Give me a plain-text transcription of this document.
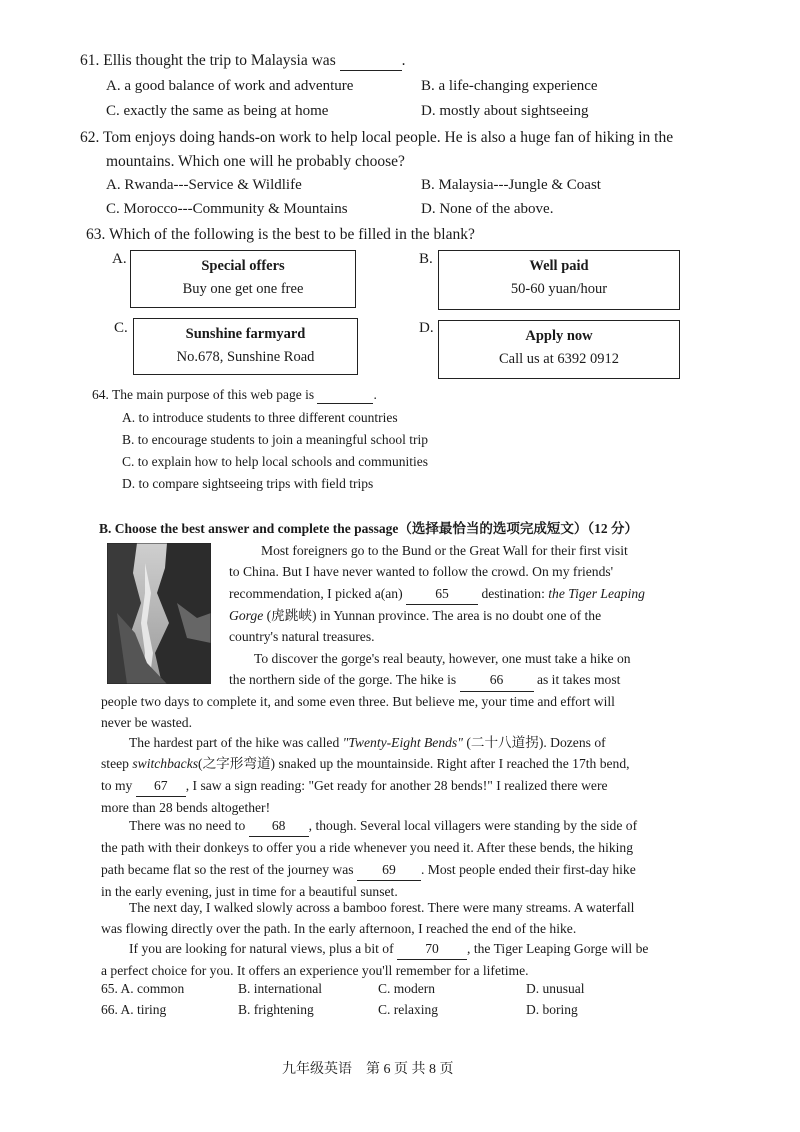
61. Ellis thought the trip to Malaysia was	.
A. a good balance of work and adventure	B. a life-changing experience
C. exactly the same as being at home	D. mostly about sightseeing
62. Tom enjoys doing hands-on work to help local people. He is also a huge fan of hiking in the
mountains. Which one will he probably choose?
A. Rwanda---Service & Wildlife	B. Malaysia---Jungle & Coast
C. Morocco---Community & Mountains	D. None of the above.
63. Which of the following is the best to be filled in the blank?
A.	Special offers
Buy one get one free
B.	Well paid
50-60 yuan/hour
C.	Sunshine farmyard
No.678, Sunshine Road
D.	Apply now
Call us at 6392 0912
64. The main purpose of this web page is	.
A. to introduce students to three different countries
B. to encourage students to join a meaningful school trip
C. to explain how to help local schools and communities
D. to compare sightseeing trips with field trips
B. Choose the best answer and complete the passage（选择最恰当的选项完成短文）（12 分）
Most foreigners go to the Bund or the Great Wall for their first visit
to China. But I have never wanted to follow the crowd. On my friends'
recommendation, I picked a(an) 65 destination: the Tiger Leaping
Gorge (虎跳峡) in Yunnan province. The area is no doubt one of the
country's natural treasures.
To discover the gorge's real beauty, however, one must take a hike on
the northern side of the gorge. The hike is 66 as it takes most
people two days to complete it, and some even three. But believe me, your time and effort will
never be wasted.
The hardest part of the hike was called "Twenty-Eight Bends" (二十八道拐). Dozens of
steep switchbacks(之字形弯道) snaked up the mountainside. Right after I reached the 17th bend,
to my 67 , I saw a sign reading: "Get ready for another 28 bends!" I realized there were
more than 28 bends altogether!
There was no need to 68 , though. Several local villagers were standing by the side of
the path with their donkeys to offer you a ride whenever you need it. After these bends, the hiking
path became flat so the rest of the journey was 69 . Most people ended their first-day hike
in the early evening, just in time for a beautiful sunset.
The next day, I walked slowly across a bamboo forest. There were many streams. A waterfall
was flowing directly over the path. In the early afternoon, I reached the end of the hike.
If you are looking for natural views, plus a bit of 70 , the Tiger Leaping Gorge will be
a perfect choice for you. It offers an experience you'll remember for a lifetime.
65. A. common	B. international	C. modern	D. unusual
66. A. tiring	B. frightening	C. relaxing	D. boring
九年级英语　第 6 页 共 8 页
